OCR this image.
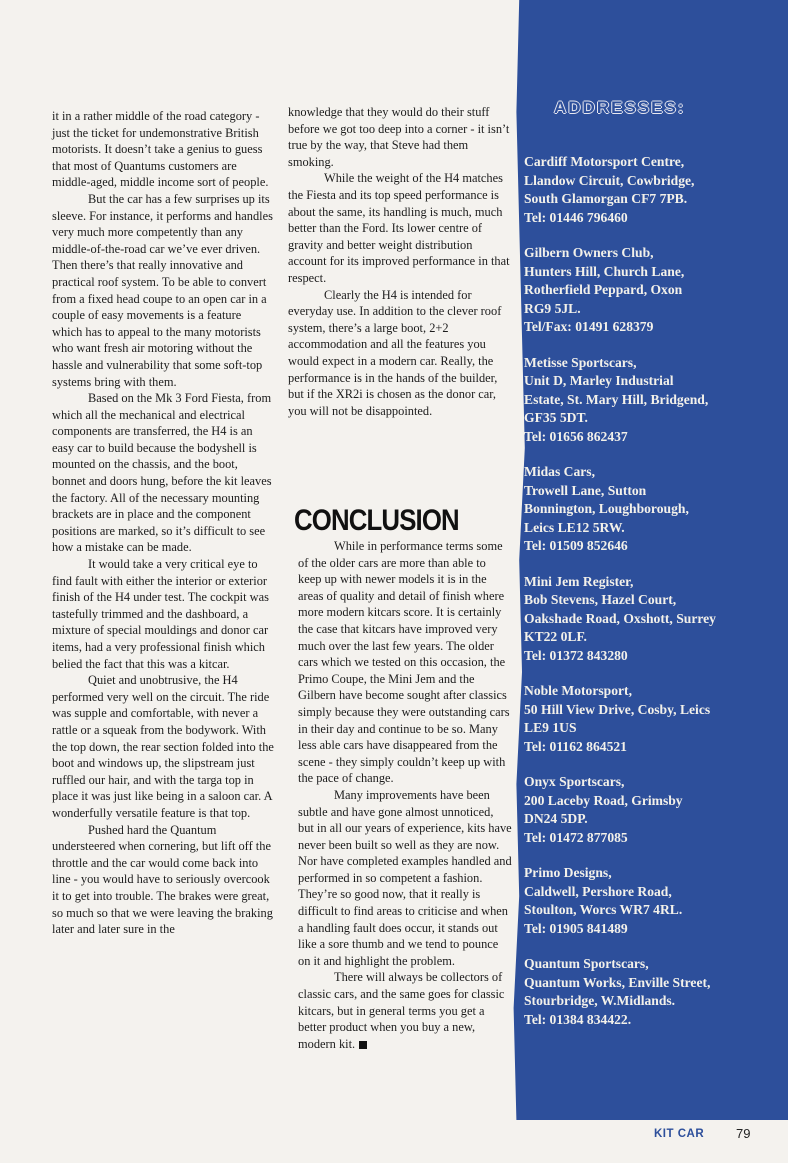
it in a rather middle of the road category - just the ticket for undemonstrative British motorists. It doesn’t take a genius to guess that most of Quantums customers are middle-aged, middle income sort of people.

But the car has a few surprises up its sleeve. For instance, it performs and handles very much more competently than any middle-of-the-road car we’ve ever driven. Then there’s that really innovative and practical roof system. To be able to convert from a fixed head coupe to an open car in a couple of easy movements is a feature which has to appeal to the many motorists who want fresh air motoring without the hassle and vulnerability that some soft-top systems bring with them.

Based on the Mk 3 Ford Fiesta, from which all the mechanical and electrical components are transferred, the H4 is an easy car to build because the bodyshell is mounted on the chassis, and the boot, bonnet and doors hung, before the kit leaves the factory. All of the necessary mounting brackets are in place and the component positions are marked, so it’s difficult to see how a mistake can be made.

It would take a very critical eye to find fault with either the interior or exterior finish of the H4 under test. The cockpit was tastefully trimmed and the dashboard, a mixture of special mouldings and donor car items, had a very professional finish which belied the fact that this was a kitcar.

Quiet and unobtrusive, the H4 performed very well on the circuit. The ride was supple and comfortable, with never a rattle or a squeak from the bodywork. With the top down, the rear section folded into the boot and windows up, the slipstream just ruffled our hair, and with the targa top in place it was just like being in a saloon car. A wonderfully versatile feature is that top.

Pushed hard the Quantum understeered when cornering, but lift off the throttle and the car would come back into line - you would have to seriously overcook it to get into trouble. The brakes were great, so much so that we were leaving the braking later and later sure in the

knowledge that they would do their stuff before we got too deep into a corner - it isn’t true by the way, that Steve had them smoking.

While the weight of the H4 matches the Fiesta and its top speed performance is about the same, its handling is much, much better than the Ford. Its lower centre of gravity and better weight distribution account for its improved performance in that respect.

Clearly the H4 is intended for everyday use. In addition to the clever roof system, there’s a large boot, 2+2 accommodation and all the features you would expect in a modern car. Really, the performance is in the hands of the builder, but if the XR2i is chosen as the donor car, you will not be disappointed.

CONCLUSION

While in performance terms some of the older cars are more than able to keep up with newer models it is in the areas of quality and detail of finish where more modern kitcars score. It is certainly the case that kitcars have improved very much over the last few years. The older cars which we tested on this occasion, the Primo Coupe, the Mini Jem and the Gilbern have become sought after classics simply because they were outstanding cars in their day and continue to be so. Many less able cars have disappeared from the scene - they simply couldn’t keep up with the pace of change.

Many improvements have been subtle and have gone almost unnoticed, but in all our years of experience, kits have never been built so well as they are now. Nor have completed examples handled and performed in so competent a fashion. They’re so good now, that it really is difficult to find areas to criticise and when a handling fault does occur, it stands out like a sore thumb and we tend to pounce on it and highlight the problem.

There will always be collectors of classic cars, and the same goes for classic kitcars, but in general terms you get a better product when you buy a new, modern kit.

ADDRESSES:
Cardiff Motorsport Centre,
Llandow Circuit, Cowbridge,
South Glamorgan CF7 7PB.
Tel: 01446 796460
Gilbern Owners Club,
Hunters Hill, Church Lane,
Rotherfield Peppard, Oxon
RG9 5JL.
Tel/Fax: 01491 628379
Metisse Sportscars,
Unit D, Marley Industrial
Estate, St. Mary Hill, Bridgend,
GF35 5DT.
Tel: 01656 862437
Midas Cars,
Trowell Lane, Sutton
Bonnington, Loughborough,
Leics LE12 5RW.
Tel: 01509 852646
Mini Jem Register,
Bob Stevens, Hazel Court,
Oakshade Road, Oxshott, Surrey
KT22 0LF.
Tel: 01372 843280
Noble Motorsport,
50 Hill View Drive, Cosby, Leics
LE9 1US
Tel: 01162 864521
Onyx Sportscars,
200 Laceby Road, Grimsby
DN24 5DP.
Tel: 01472 877085
Primo Designs,
Caldwell, Pershore Road,
Stoulton, Worcs WR7 4RL.
Tel: 01905 841489
Quantum Sportscars,
Quantum Works, Enville Street,
Stourbridge, W.Midlands.
Tel: 01384 834422.
KIT CAR 79
